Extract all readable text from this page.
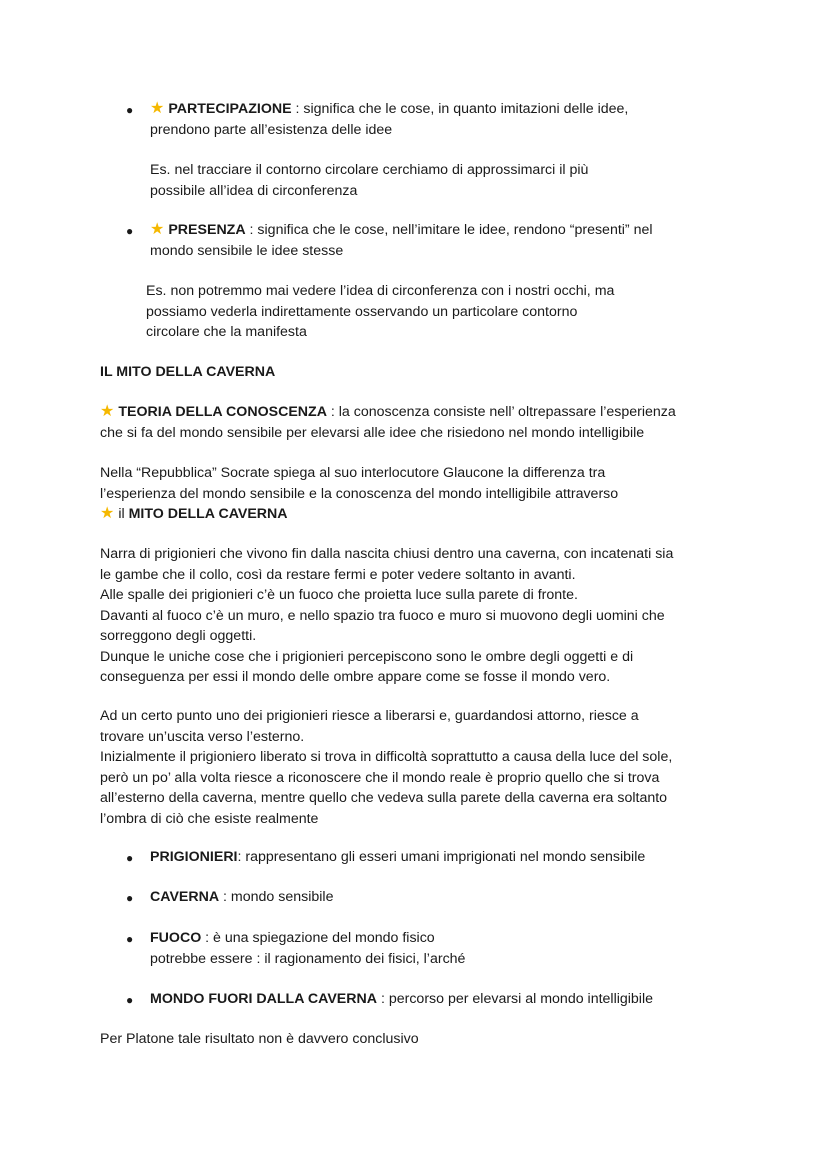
● ★ PARTECIPAZIONE : significa che le cose, in quanto imitazioni delle idee,
prendono parte all’esistenza delle idee
Es. nel tracciare il contorno circolare cerchiamo di approssimarci il più
possibile all’idea di circonferenza
● ★ PRESENZA : significa che le cose, nell’imitare le idee, rendono “presenti” nel
mondo sensibile le idee stesse
Es. non potremmo mai vedere l’idea di circonferenza con i nostri occhi, ma
possiamo vederla indirettamente osservando un particolare contorno
circolare che la manifesta
IL MITO DELLA CAVERNA
★ TEORIA DELLA CONOSCENZA : la conoscenza consiste nell’ oltrepassare l’esperienza
che si fa del mondo sensibile per elevarsi alle idee che risiedono nel mondo intelligibile
Nella “Repubblica” Socrate spiega al suo interlocutore Glaucone la differenza tra
l’esperienza del mondo sensibile e la conoscenza del mondo intelligibile attraverso
★ il MITO DELLA CAVERNA
Narra di prigionieri che vivono fin dalla nascita chiusi dentro una caverna, con incatenati sia
le gambe che il collo, così da restare fermi e poter vedere soltanto in avanti.
Alle spalle dei prigionieri c’è un fuoco che proietta luce sulla parete di fronte.
Davanti al fuoco c’è un muro, e nello spazio tra fuoco e muro si muovono degli uomini che
sorreggono degli oggetti.
Dunque le uniche cose che i prigionieri percepiscono sono le ombre degli oggetti e di
conseguenza per essi il mondo delle ombre appare come se fosse il mondo vero.
Ad un certo punto uno dei prigionieri riesce a liberarsi e, guardandosi attorno, riesce a
trovare un’uscita verso l’esterno.
Inizialmente il prigioniero liberato si trova in difficoltà soprattutto a causa della luce del sole,
però un po’ alla volta riesce a riconoscere che il mondo reale è proprio quello che si trova
all’esterno della caverna, mentre quello che vedeva sulla parete della caverna era soltanto
l’ombra di ciò che esiste realmente
● PRIGIONIERI: rappresentano gli esseri umani imprigionati nel mondo sensibile
● CAVERNA : mondo sensibile
● FUOCO : è una spiegazione del mondo fisico
potrebbe essere : il ragionamento dei fisici, l’arché
● MONDO FUORI DALLA CAVERNA : percorso per elevarsi al mondo intelligibile
Per Platone tale risultato non è davvero conclusivo
